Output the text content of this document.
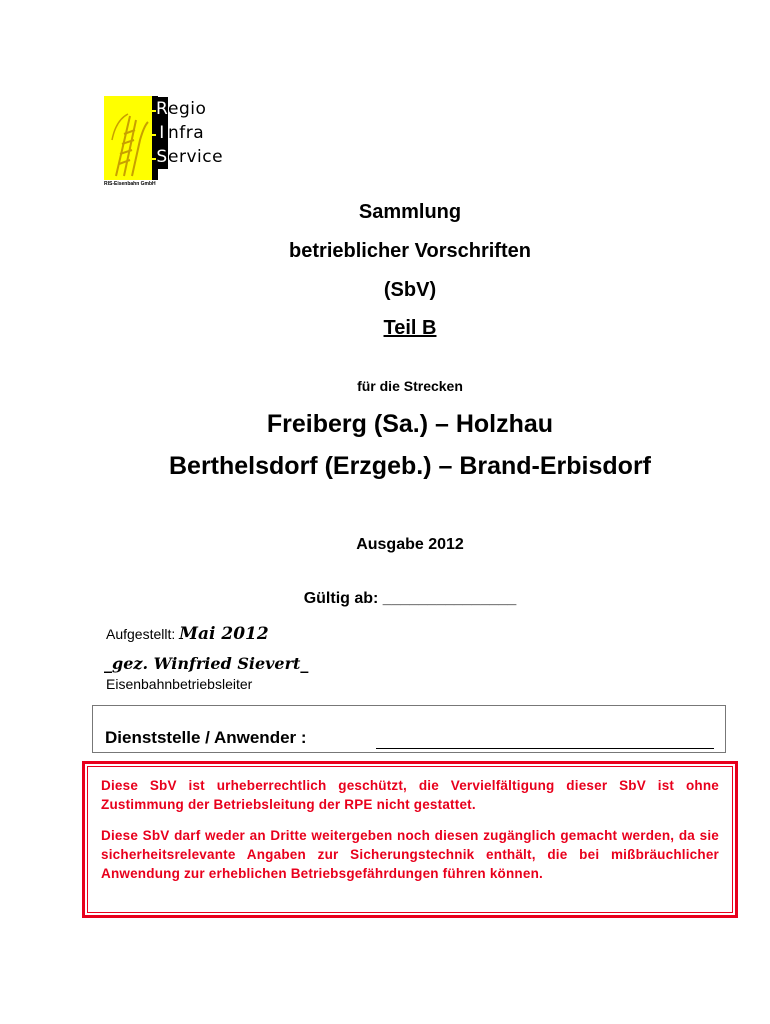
Regio
I nfra
Service
RIS-Eisenbahn GmbH
Sammlung
betrieblicher Vorschriften
(SbV)
Teil B
für die Strecken
Freiberg (Sa.) – Holzhau
Berthelsdorf (Erzgeb.) – Brand-Erbisdorf
Ausgabe 2012
Gültig ab: _______________
Aufgestellt: Mai 2012
_gez. Winfried Sievert_
Eisenbahnbetriebsleiter
Dienststelle / Anwender :
Diese SbV ist urheberrechtlich geschützt, die Vervielfältigung dieser SbV ist ohne Zustimmung der Betriebsleitung der RPE nicht gestattet.
Diese SbV darf weder an Dritte weitergeben noch diesen zugänglich gemacht werden, da sie sicherheitsrelevante Angaben zur Sicherungstechnik enthält, die bei mißbräuchlicher Anwendung zur erheblichen Betriebsgefährdungen führen können.
